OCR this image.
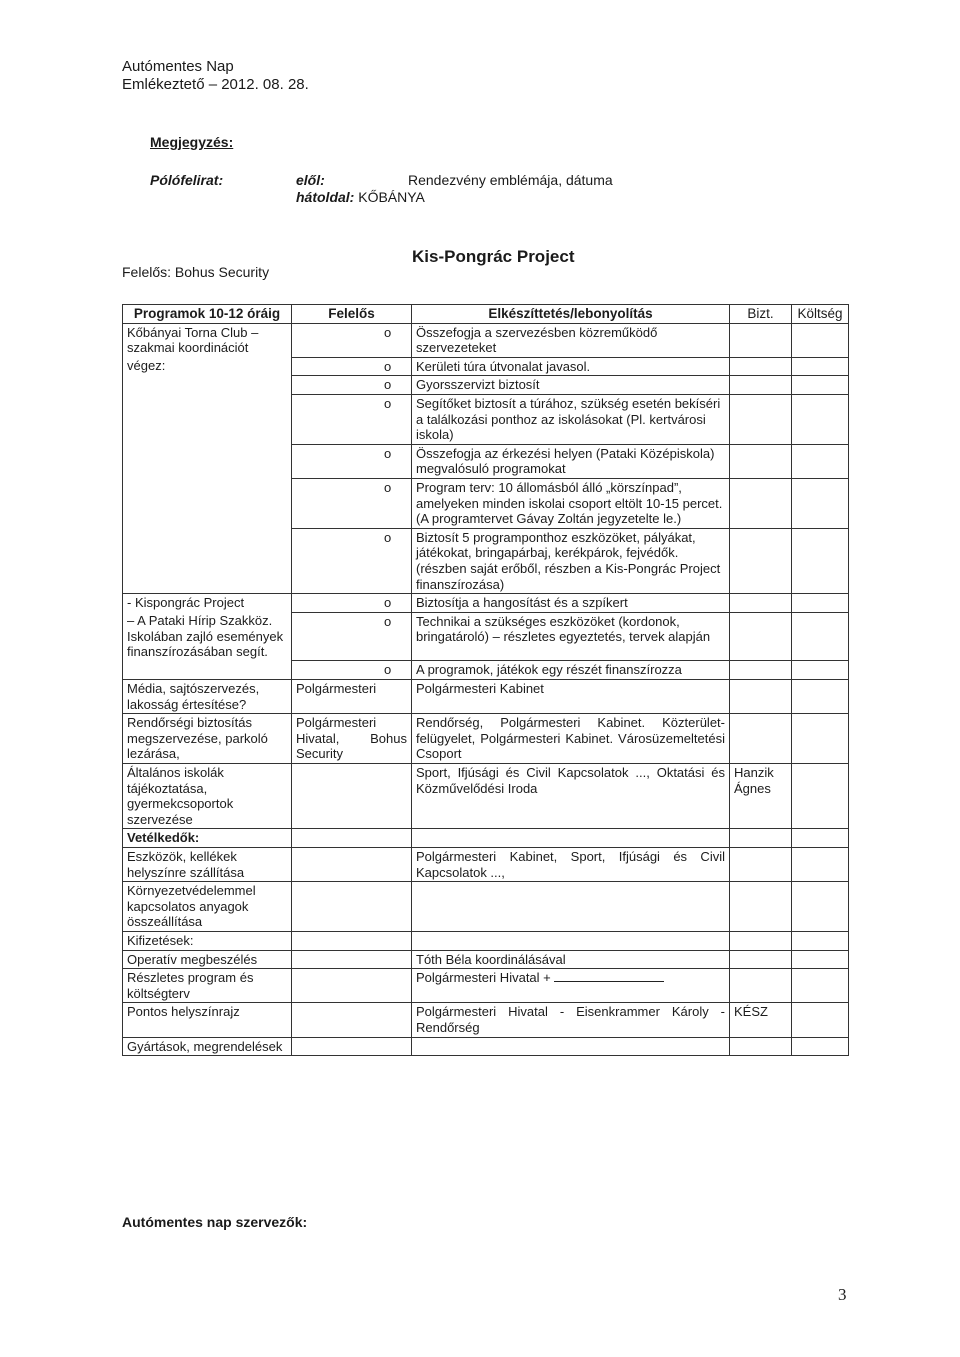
Autómentes Nap
Emlékeztető – 2012. 08. 28.
Megjegyzés:
Pólófelirat:	elől:	Rendezvény emblémája, dátuma
hátoldal: KŐBÁNYA
Felelős: Bohus Security
Kis-Pongrác Project
Programok 10-12 óráig	Felelős	Elkészíttetés/lebonyolítás	Bizt.	Költség
Kőbányai Torna Club – szakmai koordinációt		o Összefogja a szervezésben közreműködő szervezeteket		
végez:		o Kerületi túra útvonalat javasol.		
		o Gyorsszervizt biztosít		
		o Segítőket biztosít a túrához, szükség esetén bekíséri a találkozási ponthoz az iskolásokat (Pl. kertvárosi iskola)		
		o Összefogja az érkezési helyen (Pataki Középiskola) megvalósuló programokat		
		o Program terv: 10 állomásból álló „körszínpad”, amelyeken minden iskolai csoport eltölt 10-15 percet. (A programtervet Gávay Zoltán jegyzetelte le.)		
		o Biztosít 5 programponthoz eszközöket, pályákat, játékokat, bringapárbaj, kerékpárok, fejvédők. (részben saját erőből, részben a Kis-Pongrác Project finanszírozása)		
- Kispongrác Project		o Biztosítja a hangosítást és a szpíkert		
– A Pataki Hírip Szakköz. Iskolában zajló események finanszírozásában segít.		o Technikai a szükséges eszközöket (kordonok, bringatároló) – részletes egyeztetés, tervek alapján		
		o A programok, játékok egy részét finanszírozza		
Média, sajtószervezés, lakosság értesítése?	Polgármesteri	Polgármesteri Kabinet		
Rendőrségi biztosítás megszervezése, parkoló lezárása,	Polgármesteri Hivatal, Bohus Security	Rendőrség, Polgármesteri Kabinet. Közterület-felügyelet, Polgármesteri Kabinet. Városüzemeltetési Csoport		
Általános iskolák tájékoztatása, gyermekcsoportok szervezése		Sport, Ifjúsági és Civil Kapcsolatok ..., Oktatási és Közművelődési Iroda	Hanzik Ágnes	
Vetélkedők:				
Eszközök, kellékek helyszínre szállítása		Polgármesteri Kabinet, Sport, Ifjúsági és Civil Kapcsolatok ...,		
Környezetvédelemmel kapcsolatos anyagok összeállítása				
Kifizetések:				
Operatív megbeszélés		Tóth Béla koordinálásával		
Részletes program és költségterv		Polgármesteri Hivatal +		
Pontos helyszínrajz		Polgármesteri Hivatal - Eisenkrammer Károly - Rendőrség	KÉSZ	
Gyártások, megrendelések				
Autómentes nap szervezők:
3
